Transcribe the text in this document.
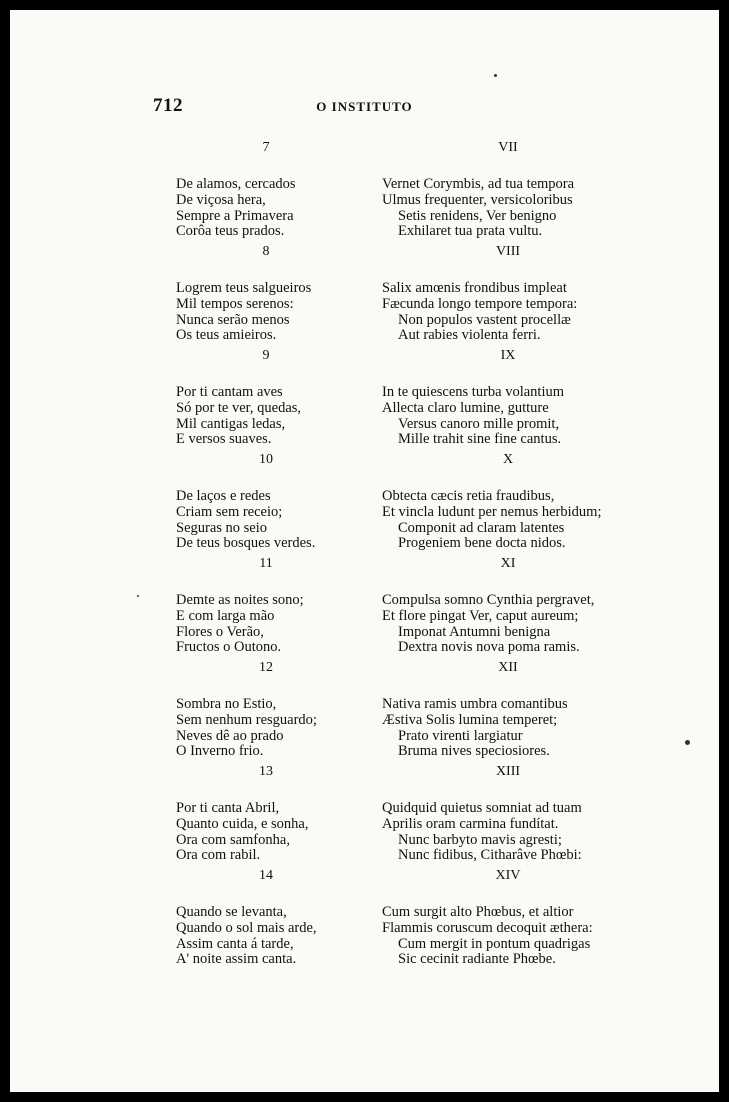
712	O INSTITUTO
7
De alamos, cercados
De viçosa hera,
Sempre a Primavera
Corôa teus prados.
8
Logrem teus salgueiros
Mil tempos serenos:
Nunca serão menos
Os teus amieiros.
9
Por ti cantam aves
Só por te ver, quedas,
Mil cantigas ledas,
E versos suaves.
10
De laços e redes
Criam sem receio;
Seguras no seio
De teus bosques verdes.
11
Demte as noites sono;
E com larga mão
Flores o Verão,
Fructos o Outono.
12
Sombra no Estio,
Sem nenhum resguardo;
Neves dê ao prado
O Inverno frio.
13
Por ti canta Abril,
Quanto cuida, e sonha,
Ora com samfonha,
Ora com rabil.
14
Quando se levanta,
Quando o sol mais arde,
Assim canta á tarde,
A' noite assim canta.
VII
Vernet Corymbis, ad tua tempora
Ulmus frequenter, versicoloribus
Setis renidens, Ver benigno
Exhilaret tua prata vultu.
VIII
Salix amœnis frondibus impleat
Fæcunda longo tempore tempora:
Non populos vastent procellæ
Aut rabies violenta ferri.
IX
In te quiescens turba volantium
Allecta claro lumine, gutture
Versus canoro mille promit,
Mille trahit sine fine cantus.
X
Obtecta cæcis retia fraudibus,
Et vincla ludunt per nemus herbidum;
Componit ad claram latentes
Progeniem bene docta nidos.
XI
Compulsa somno Cynthia pergravet,
Et flore pingat Ver, caput aureum;
Imponat Antumni benigna
Dextra novis nova poma ramis.
XII
Nativa ramis umbra comantibus
Æstiva Solis lumina temperet;
Prato virenti largiatur
Bruma nives speciosiores.
XIII
Quidquid quietus somniat ad tuam
Aprilis oram carmina fundítat.
Nunc barbyto mavis agresti;
Nunc fidibus, Citharâve Phœbi:
XIV
Cum surgit alto Phœbus, et altior
Flammis coruscum decoquit æthera:
Cum mergit in pontum quadrigas
Sic cecinit radiante Phœbe.
